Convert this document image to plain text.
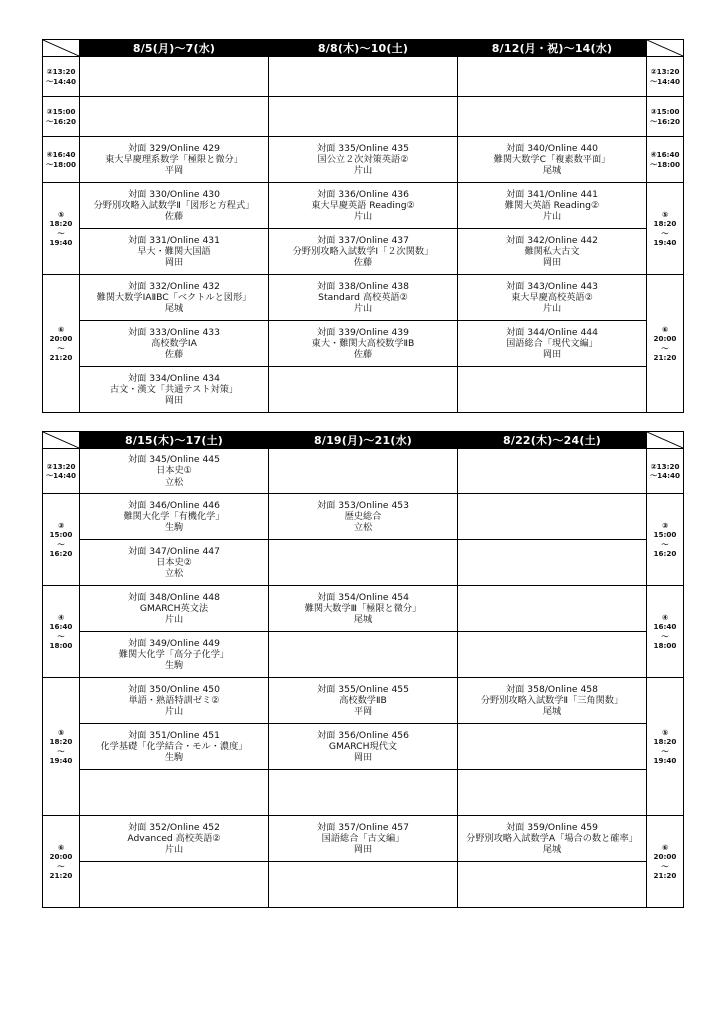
	8/5(月)〜7(水)	8/8(木)〜10(土)	8/12(月・祝)〜14(水)	

②13:20
〜14:40				②13:20
〜14:40

③15:00
〜16:20				③15:00
〜16:20

④16:40
〜18:00	対面 329/Online 429
東大早慶理系数学「極限と微分」
平岡	対面 335/Online 435
国公立２次対策英語②
片山	対面 340/Online 440
難関大数学C「複素数平面」
尾城	④16:40
〜18:00

⑤
18:20
〜
19:40	対面 330/Online 430
分野別攻略入試数学Ⅱ「図形と方程式」
佐藤	対面 336/Online 436
東大早慶英語 Reading②
片山	対面 341/Online 441
難関大英語 Reading②
片山	⑤
18:20
〜
19:40

	対面 331/Online 431
早大・難関大国語
岡田	対面 337/Online 437
分野別攻略入試数学Ⅰ「２次関数」
佐藤	対面 342/Online 442
難関私大古文
岡田	

⑥
20:00
〜
21:20	対面 332/Online 432
難関大数学ⅠAⅡBC「ベクトルと図形」
尾城	対面 338/Online 438
Standard 高校英語②
片山	対面 343/Online 443
東大早慶高校英語②
片山	⑥
20:00
〜
21:20

	対面 333/Online 433
高校数学ⅠA
佐藤	対面 339/Online 439
東大・難関大高校数学ⅡB
佐藤	対面 344/Online 444
国語総合「現代文編」
岡田	

	対面 334/Online 434
古文・漢文「共通テスト対策」
岡田			

	8/15(木)〜17(土)	8/19(月)〜21(水)	8/22(木)〜24(土)	

②13:20
〜14:40	対面 345/Online 445
日本史①
立松			②13:20
〜14:40

③
15:00
〜
16:20	対面 346/Online 446
難関大化学「有機化学」
生駒	対面 353/Online 453
歴史総合
立松		③
15:00
〜
16:20

	対面 347/Online 447
日本史②
立松			

④
16:40
〜
18:00	対面 348/Online 448
GMARCH英文法
片山	対面 354/Online 454
難関大数学Ⅲ「極限と微分」
尾城		④
16:40
〜
18:00

	対面 349/Online 449
難関大化学「高分子化学」
生駒			

⑤
18:20
〜
19:40	対面 350/Online 450
単語・熟語特訓ゼミ②
片山	対面 355/Online 455
高校数学ⅡB
平岡	対面 358/Online 458
分野別攻略入試数学Ⅱ「三角関数」
尾城	⑤
18:20
〜
19:40

	対面 351/Online 451
化学基礎「化学結合・モル・濃度」
生駒	対面 356/Online 456
GMARCH現代文
岡田		

⑥
20:00
〜
21:20	対面 352/Online 452
Advanced 高校英語②
片山	対面 357/Online 457
国語総合「古文編」
岡田	対面 359/Online 459
分野別攻略入試数学A「場合の数と確率」
尾城	⑥
20:00
〜
21:20
